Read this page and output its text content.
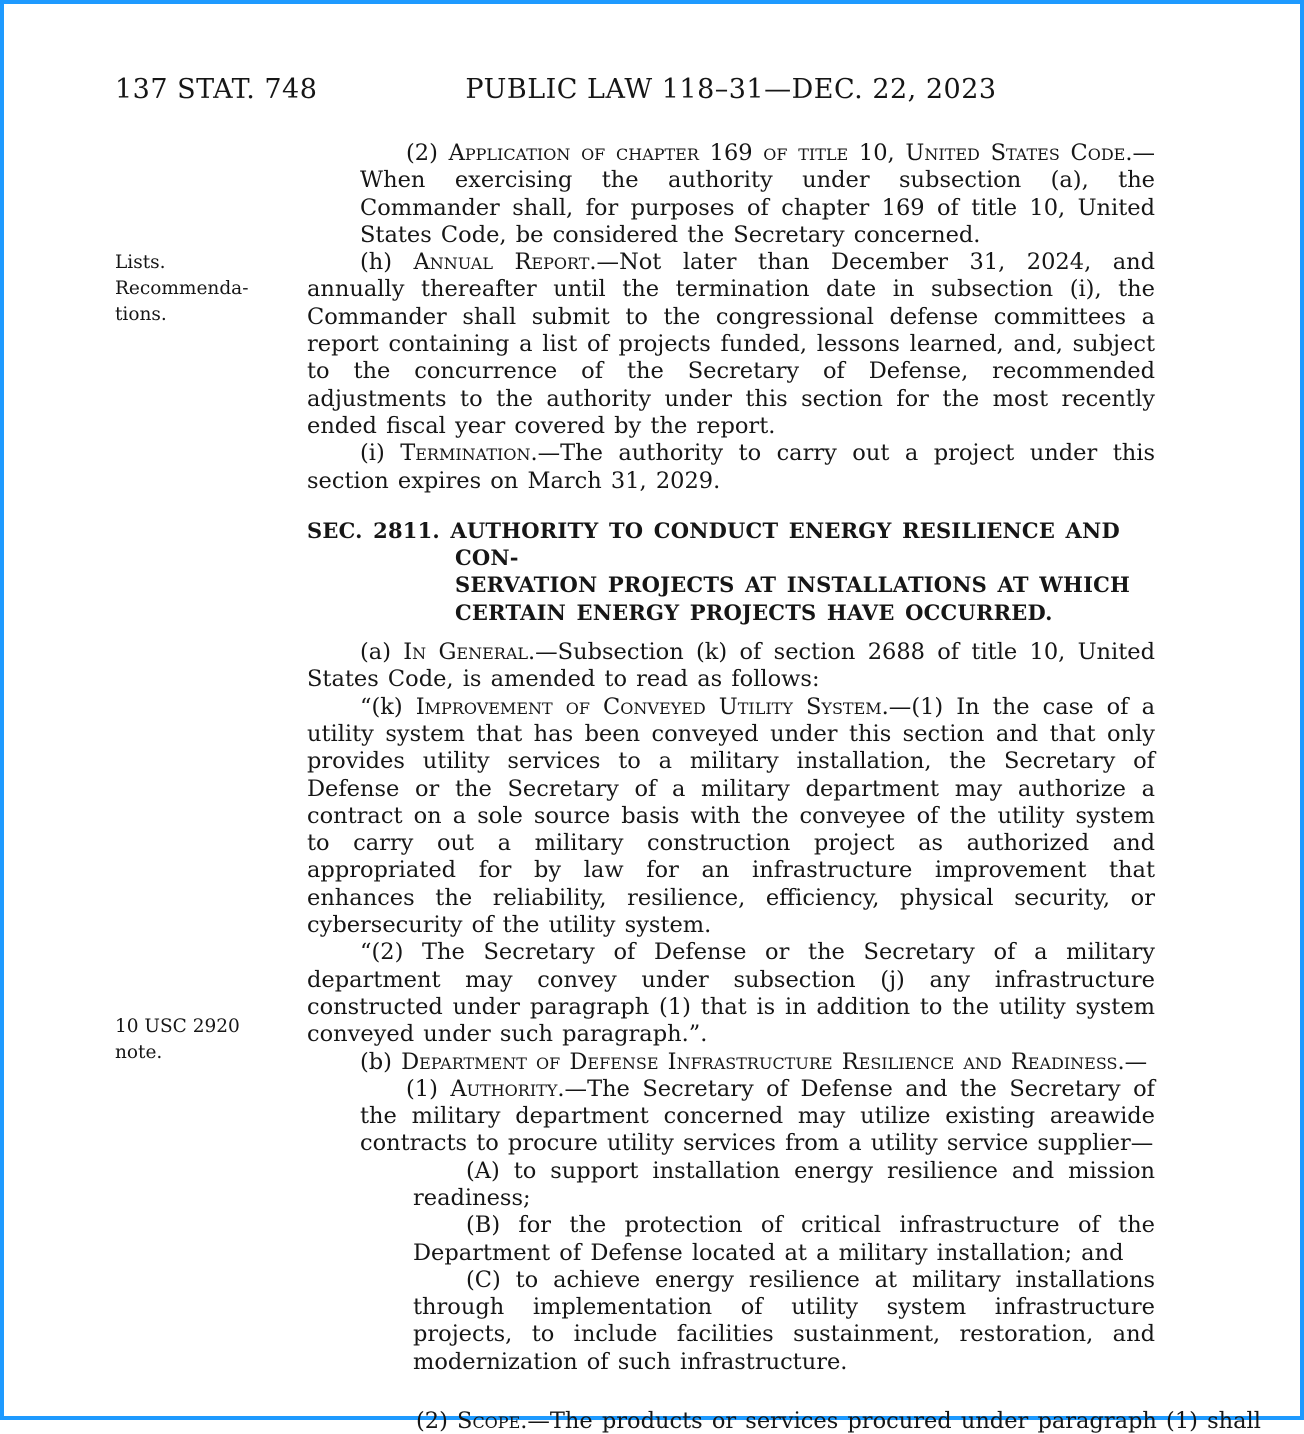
137 STAT. 748	PUBLIC LAW 118–31—DEC. 22, 2023
Lists.
Recommenda-
tions.
10 USC 2920
note.

(2) Application of chapter 169 of title 10, United States Code.—When exercising the authority under subsection (a), the Commander shall, for purposes of chapter 169 of title 10, United States Code, be considered the Secretary concerned.

(h) Annual Report.—Not later than December 31, 2024, and annually thereafter until the termination date in subsection (i), the Commander shall submit to the congressional defense committees a report containing a list of projects funded, lessons learned, and, subject to the concurrence of the Secretary of Defense, recommended adjustments to the authority under this section for the most recently ended fiscal year covered by the report.

(i) Termination.—The authority to carry out a project under this section expires on March 31, 2029.

SEC. 2811. AUTHORITY TO CONDUCT ENERGY RESILIENCE AND CON-
SERVATION PROJECTS AT INSTALLATIONS AT WHICH
CERTAIN ENERGY PROJECTS HAVE OCCURRED.

(a) In General.—Subsection (k) of section 2688 of title 10, United States Code, is amended to read as follows:

“(k) Improvement of Conveyed Utility System.—(1) In the case of a utility system that has been conveyed under this section and that only provides utility services to a military installation, the Secretary of Defense or the Secretary of a military department may authorize a contract on a sole source basis with the conveyee of the utility system to carry out a military construction project as authorized and appropriated for by law for an infrastructure improvement that enhances the reliability, resilience, efficiency, physical security, or cybersecurity of the utility system.

“(2) The Secretary of Defense or the Secretary of a military department may convey under subsection (j) any infrastructure constructed under paragraph (1) that is in addition to the utility system conveyed under such paragraph.”.

(b) Department of Defense Infrastructure Resilience and Readiness.—

(1) Authority.—The Secretary of Defense and the Secretary of the military department concerned may utilize existing areawide contracts to procure utility services from a utility service supplier—

(A) to support installation energy resilience and mission readiness;

(B) for the protection of critical infrastructure of the Department of Defense located at a military installation; and

(C) to achieve energy resilience at military installations through implementation of utility system infrastructure projects, to include facilities sustainment, restoration, and modernization of such infrastructure.

(2) Scope.—The products or services procured under paragraph (1) shall
